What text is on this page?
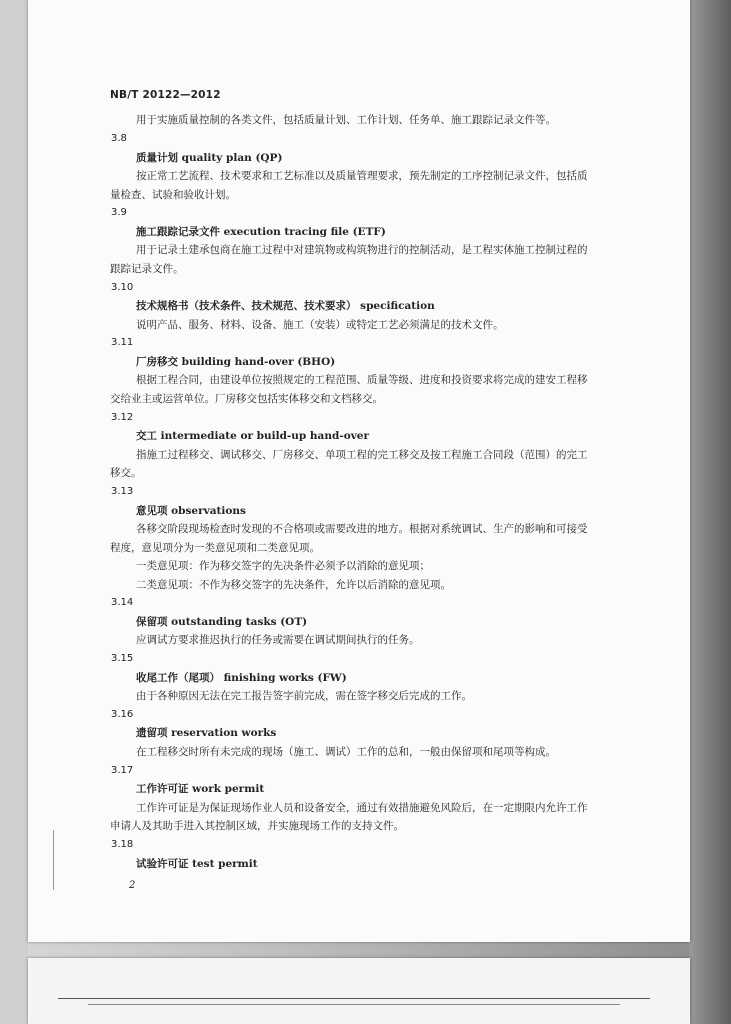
NB/T 20122—2012
用于实施质量控制的各类文件，包括质量计划、工作计划、任务单、施工跟踪记录文件等。
3.8
质量计划 quality plan (QP)
按正常工艺流程、技术要求和工艺标准以及质量管理要求，预先制定的工序控制记录文件，包括质
量检查、试验和验收计划。
3.9
施工跟踪记录文件 execution tracing file (ETF)
用于记录土建承包商在施工过程中对建筑物或构筑物进行的控制活动，是工程实体施工控制过程的
跟踪记录文件。
3.10
技术规格书（技术条件、技术规范、技术要求） specification
说明产品、服务、材料、设备、施工（安装）或特定工艺必须满足的技术文件。
3.11
厂房移交 building hand-over (BHO)
根据工程合同，由建设单位按照规定的工程范围、质量等级、进度和投资要求将完成的建安工程移
交给业主或运营单位。厂房移交包括实体移交和文档移交。
3.12
交工 intermediate or build-up hand-over
指施工过程移交、调试移交、厂房移交、单项工程的完工移交及按工程施工合同段（范围）的完工
移交。
3.13
意见项 observations
各移交阶段现场检查时发现的不合格项或需要改进的地方。根据对系统调试、生产的影响和可接受
程度，意见项分为一类意见项和二类意见项。
一类意见项：作为移交签字的先决条件必须予以消除的意见项；
二类意见项：不作为移交签字的先决条件，允许以后消除的意见项。
3.14
保留项 outstanding tasks (OT)
应调试方要求推迟执行的任务或需要在调试期间执行的任务。
3.15
收尾工作（尾项） finishing works (FW)
由于各种原因无法在完工报告签字前完成，需在签字移交后完成的工作。
3.16
遗留项 reservation works
在工程移交时所有未完成的现场（施工、调试）工作的总和，一般由保留项和尾项等构成。
3.17
工作许可证 work permit
工作许可证是为保证现场作业人员和设备安全，通过有效措施避免风险后，在一定期限内允许工作
申请人及其助手进入其控制区域，并实施现场工作的支持文件。
3.18
试验许可证 test permit
2
